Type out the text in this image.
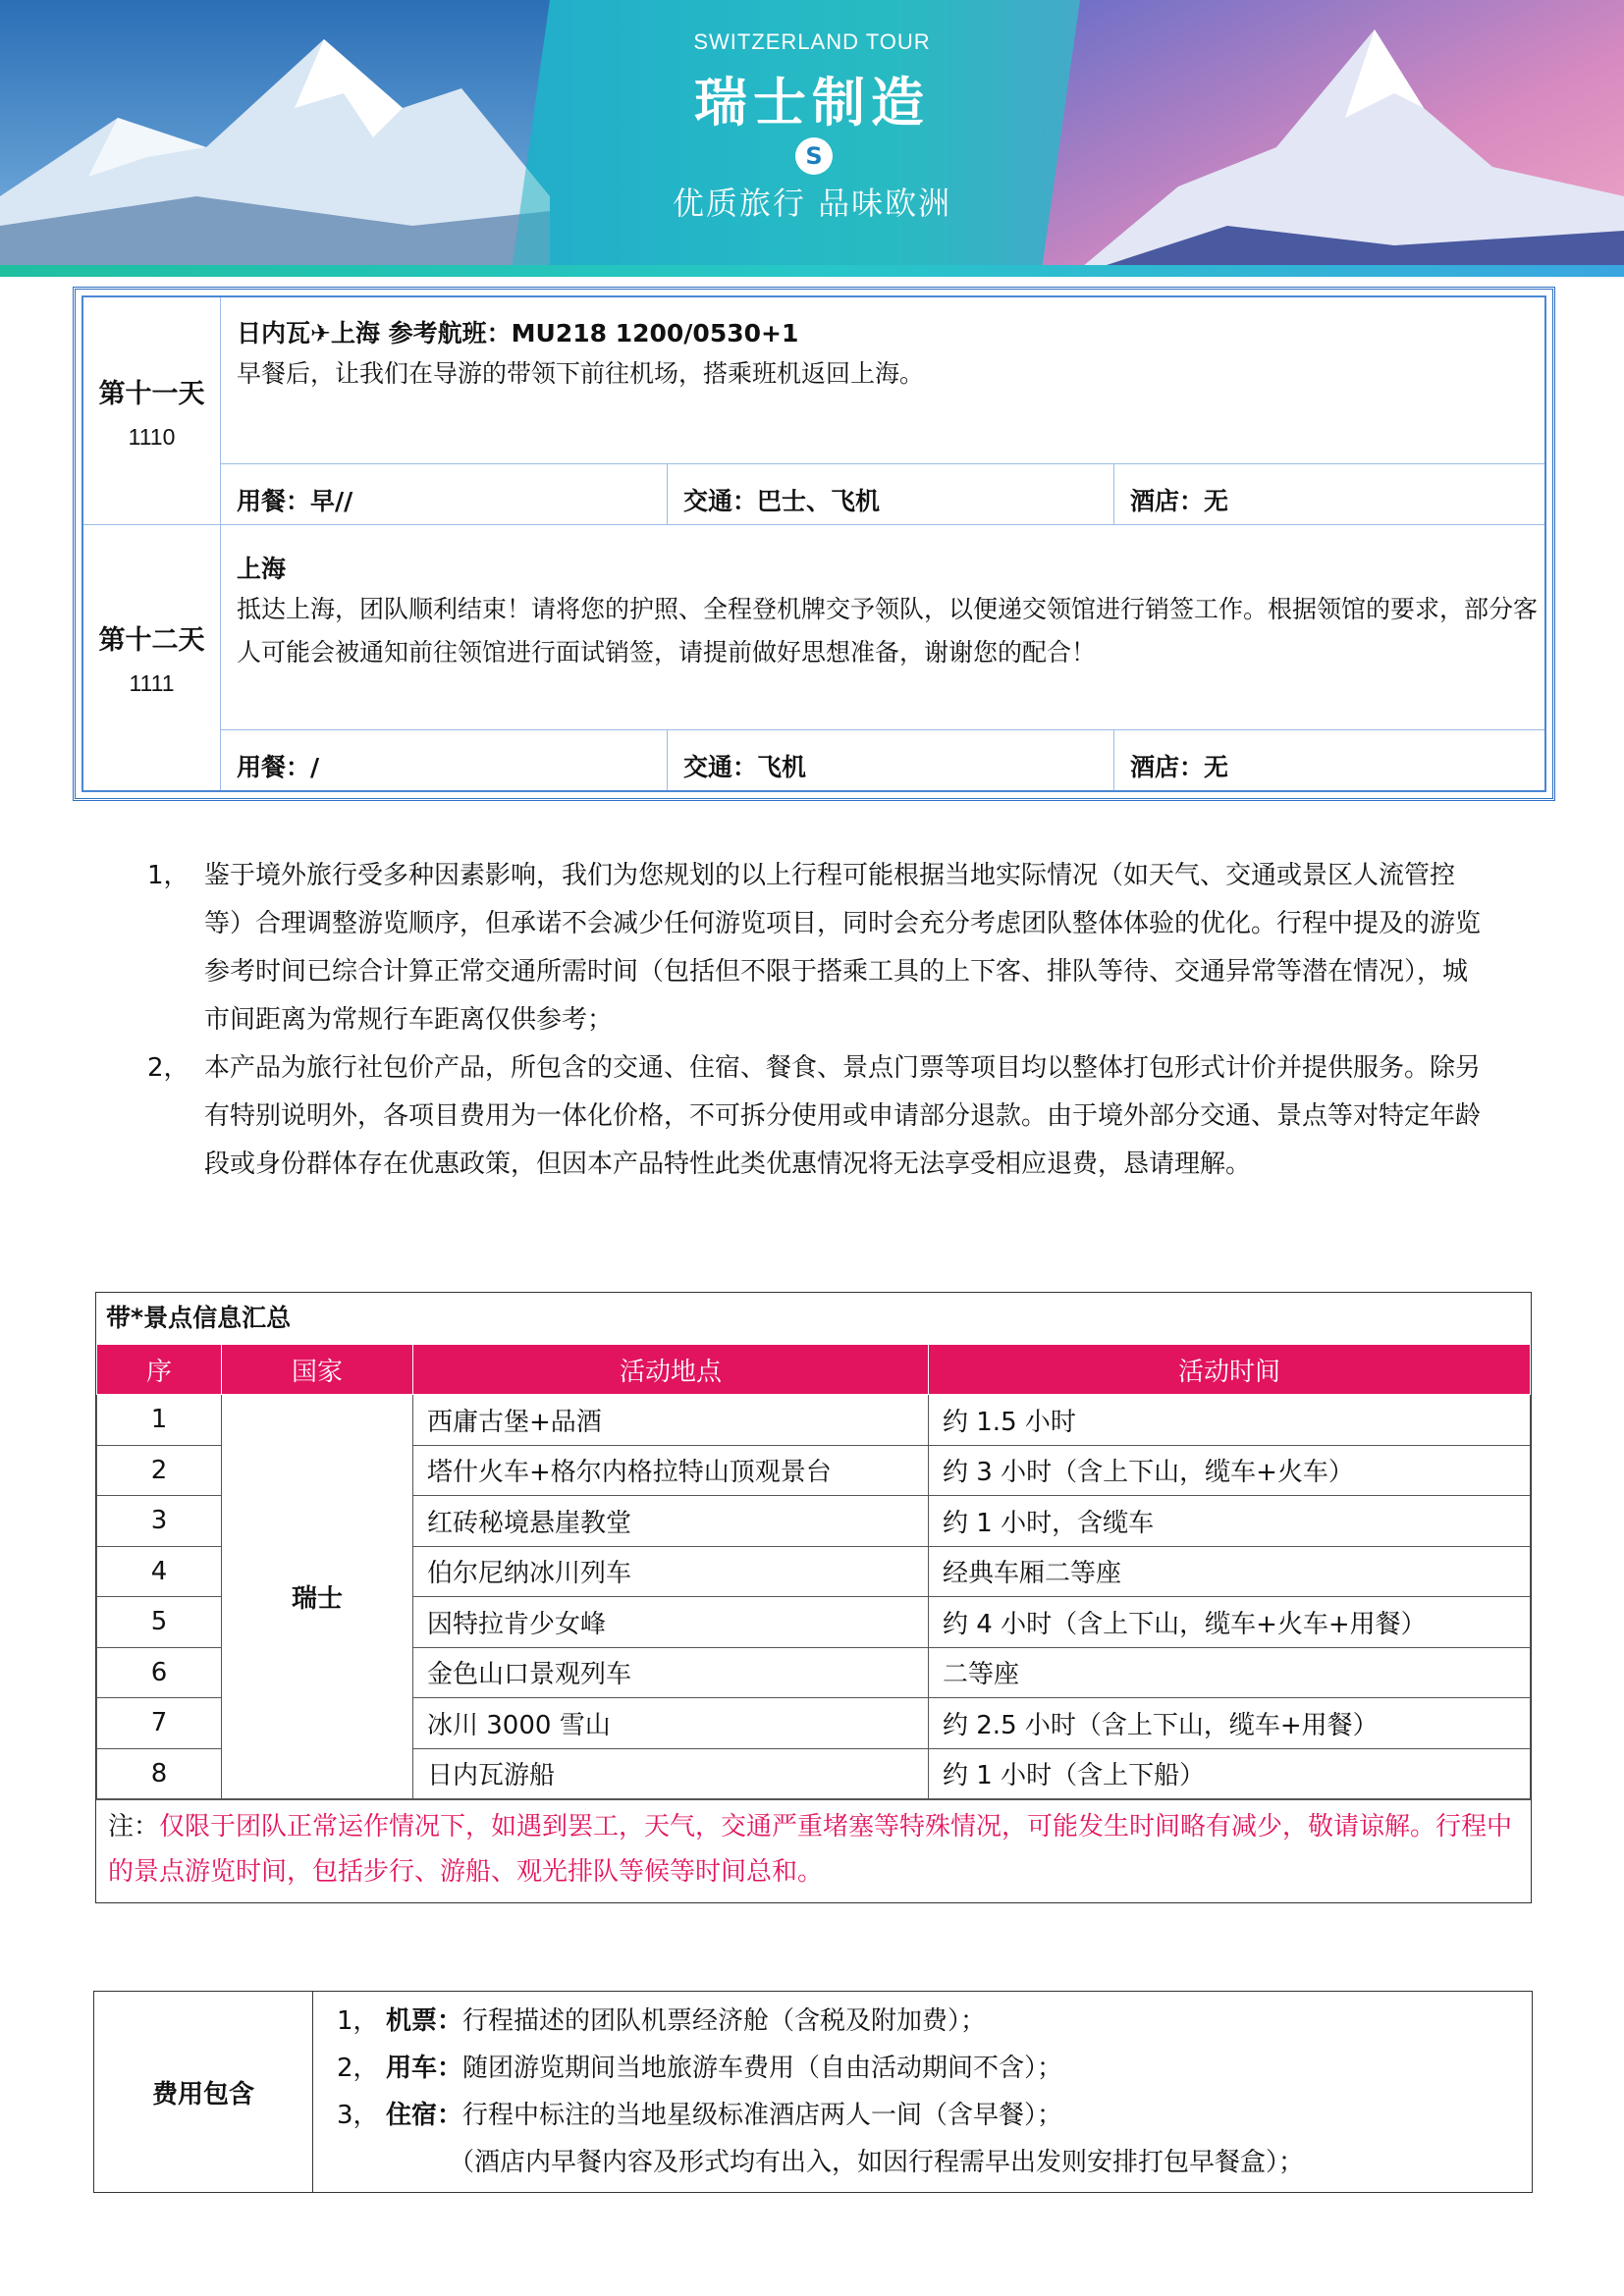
SWITZERLAND TOUR
瑞士制造
S
优质旅行 品味欧洲
第十一天
1110
日内瓦✈上海 参考航班：MU218 1200/0530+1
早餐后，让我们在导游的带领下前往机场，搭乘班机返回上海。
用餐：早//	交通：巴士、飞机	酒店：无
第十二天
1111
上海
抵达上海，团队顺利结束！请将您的护照、全程登机牌交予领队，以便递交领馆进行销签工作。根据领馆的要求，部分客人可能会被通知前往领馆进行面试销签，请提前做好思想准备，谢谢您的配合！
用餐：/	交通：飞机	酒店：无
1， 鉴于境外旅行受多种因素影响，我们为您规划的以上行程可能根据当地实际情况（如天气、交通或景区人流管控等）合理调整游览顺序，但承诺不会减少任何游览项目，同时会充分考虑团队整体体验的优化。行程中提及的游览参考时间已综合计算正常交通所需时间（包括但不限于搭乘工具的上下客、排队等待、交通异常等潜在情况），城市间距离为常规行车距离仅供参考；
2， 本产品为旅行社包价产品，所包含的交通、住宿、餐食、景点门票等项目均以整体打包形式计价并提供服务。除另有特别说明外，各项目费用为一体化价格，不可拆分使用或申请部分退款。由于境外部分交通、景点等对特定年龄段或身份群体存在优惠政策，但因本产品特性此类优惠情况将无法享受相应退费，恳请理解。
带*景点信息汇总
序	国家	活动地点	活动时间
1	瑞士	西庸古堡+品酒	约 1.5 小时
2		塔什火车+格尔内格拉特山顶观景台	约 3 小时（含上下山，缆车+火车）
3		红砖秘境悬崖教堂	约 1 小时，含缆车
4		伯尔尼纳冰川列车	经典车厢二等座
5		因特拉肯少女峰	约 4 小时（含上下山，缆车+火车+用餐）
6		金色山口景观列车	二等座
7		冰川 3000 雪山	约 2.5 小时（含上下山，缆车+用餐）
8		日内瓦游船	约 1 小时（含上下船）
注：仅限于团队正常运作情况下，如遇到罢工，天气，交通严重堵塞等特殊情况，可能发生时间略有减少，敬请谅解。行程中的景点游览时间，包括步行、游船、观光排队等候等时间总和。
费用包含
1， 机票： 行程描述的团队机票经济舱（含税及附加费）；
2， 用车： 随团游览期间当地旅游车费用（自由活动期间不含）；
3， 住宿： 行程中标注的当地星级标准酒店两人一间（含早餐）；
（酒店内早餐内容及形式均有出入，如因行程需早出发则安排打包早餐盒）；
